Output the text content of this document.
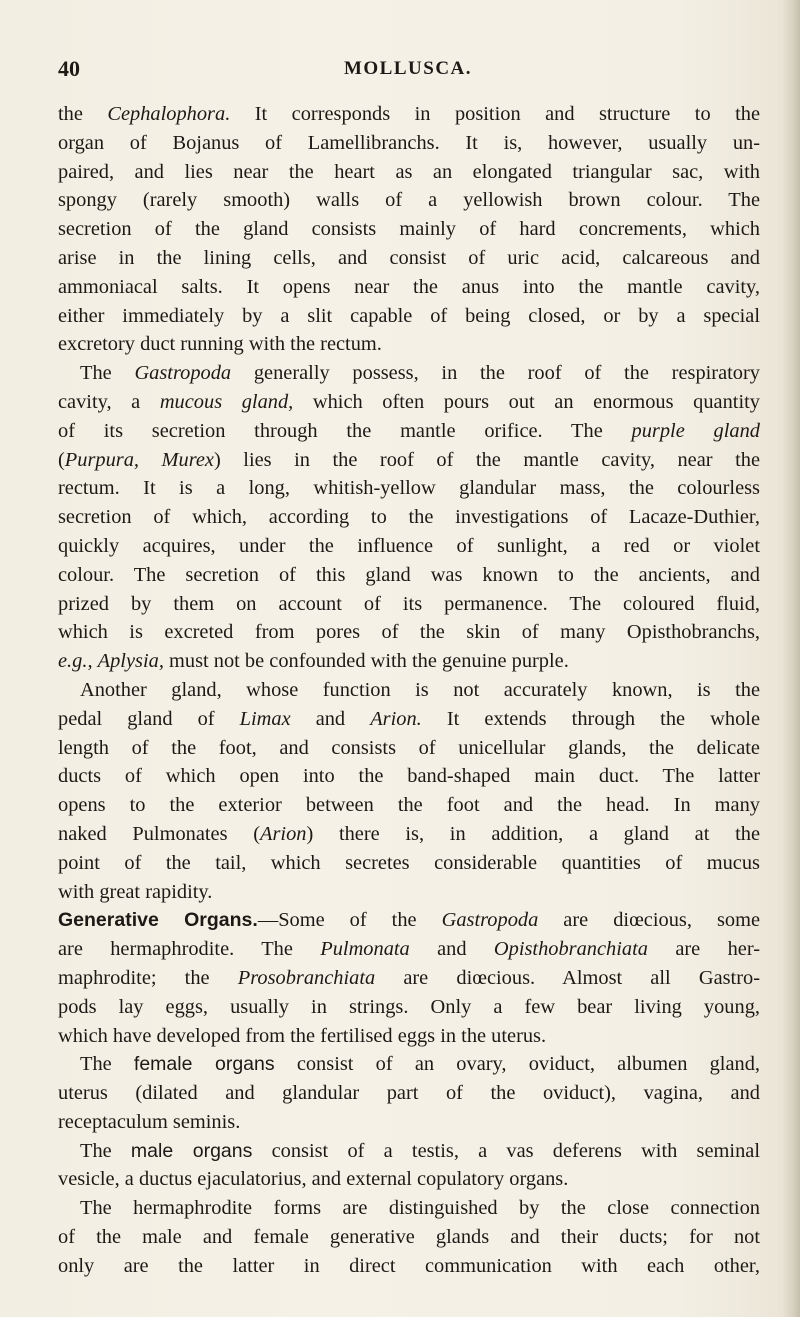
40	MOLLUSCA.
the Cephalophora. It corresponds in position and structure to the
organ of Bojanus of Lamellibranchs. It is, however, usually un-
paired, and lies near the heart as an elongated triangular sac, with
spongy (rarely smooth) walls of a yellowish brown colour. The
secretion of the gland consists mainly of hard concrements, which
arise in the lining cells, and consist of uric acid, calcareous and
ammoniacal salts. It opens near the anus into the mantle cavity,
either immediately by a slit capable of being closed, or by a special
excretory duct running with the rectum.
The Gastropoda generally possess, in the roof of the respiratory
cavity, a mucous gland, which often pours out an enormous quantity
of its secretion through the mantle orifice. The purple gland
(Purpura, Murex) lies in the roof of the mantle cavity, near the
rectum. It is a long, whitish-yellow glandular mass, the colourless
secretion of which, according to the investigations of Lacaze-Duthier,
quickly acquires, under the influence of sunlight, a red or violet
colour. The secretion of this gland was known to the ancients, and
prized by them on account of its permanence. The coloured fluid,
which is excreted from pores of the skin of many Opisthobranchs,
e.g., Aplysia, must not be confounded with the genuine purple.
Another gland, whose function is not accurately known, is the
pedal gland of Limax and Arion. It extends through the whole
length of the foot, and consists of unicellular glands, the delicate
ducts of which open into the band-shaped main duct. The latter
opens to the exterior between the foot and the head. In many
naked Pulmonates (Arion) there is, in addition, a gland at the
point of the tail, which secretes considerable quantities of mucus
with great rapidity.
Generative Organs.—Some of the Gastropoda are diœcious, some
are hermaphrodite. The Pulmonata and Opisthobranchiata are her-
maphrodite; the Prosobranchiata are diœcious. Almost all Gastro-
pods lay eggs, usually in strings. Only a few bear living young,
which have developed from the fertilised eggs in the uterus.
The female organs consist of an ovary, oviduct, albumen gland,
uterus (dilated and glandular part of the oviduct), vagina, and
receptaculum seminis.
The male organs consist of a testis, a vas deferens with seminal
vesicle, a ductus ejaculatorius, and external copulatory organs.
The hermaphrodite forms are distinguished by the close connection
of the male and female generative glands and their ducts; for not
only are the latter in direct communication with each other,
